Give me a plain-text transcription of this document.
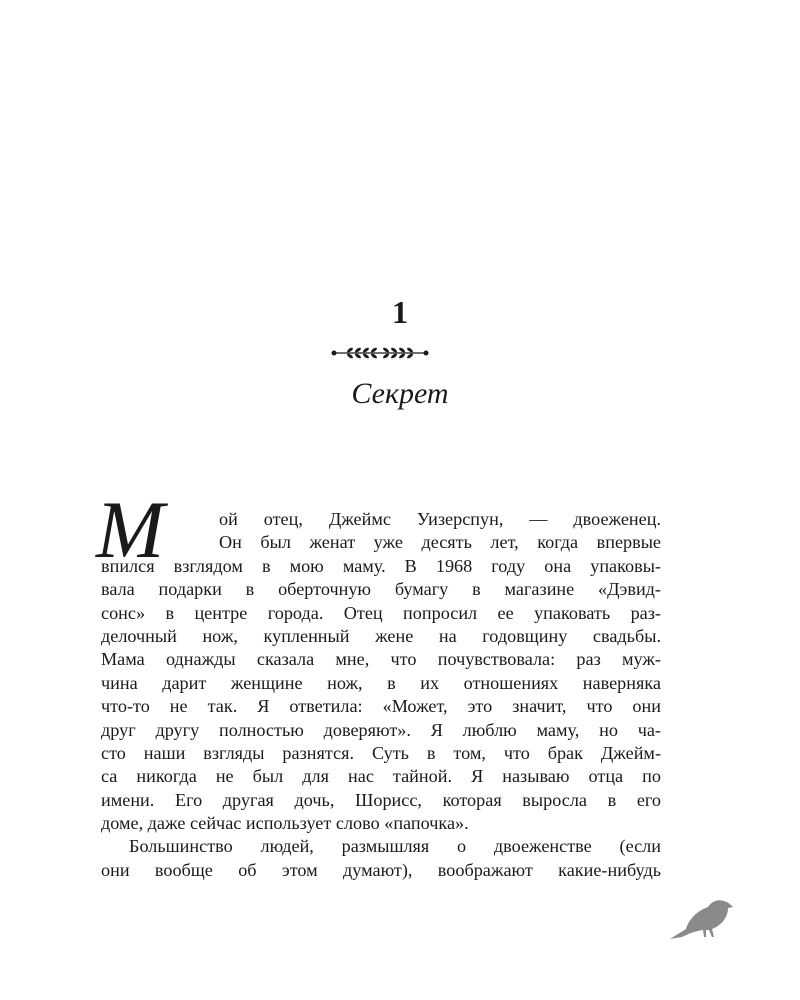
1
Секрет
М	ой отец, Джеймс Уизерспун, — двоеженец.
Он был женат уже десять лет, когда впервые
впился взглядом в мою маму. В 1968 году она упаковы-
вала подарки в оберточную бумагу в магазине «Дэвид-
сонс» в центре города. Отец попросил ее упаковать раз-
делочный нож, купленный жене на годовщину свадьбы.
Мама однажды сказала мне, что почувствовала: раз муж-
чина дарит женщине нож, в их отношениях наверняка
что-то не так. Я ответила: «Может, это значит, что они
друг другу полностью доверяют». Я люблю маму, но ча-
сто наши взгляды разнятся. Суть в том, что брак Джейм-
са никогда не был для нас тайной. Я называю отца по
имени. Его другая дочь, Шорисс, которая выросла в его
доме, даже сейчас использует слово «папочка».
Большинство людей, размышляя о двоеженстве (если
они вообще об этом думают), воображают какие-нибудь
